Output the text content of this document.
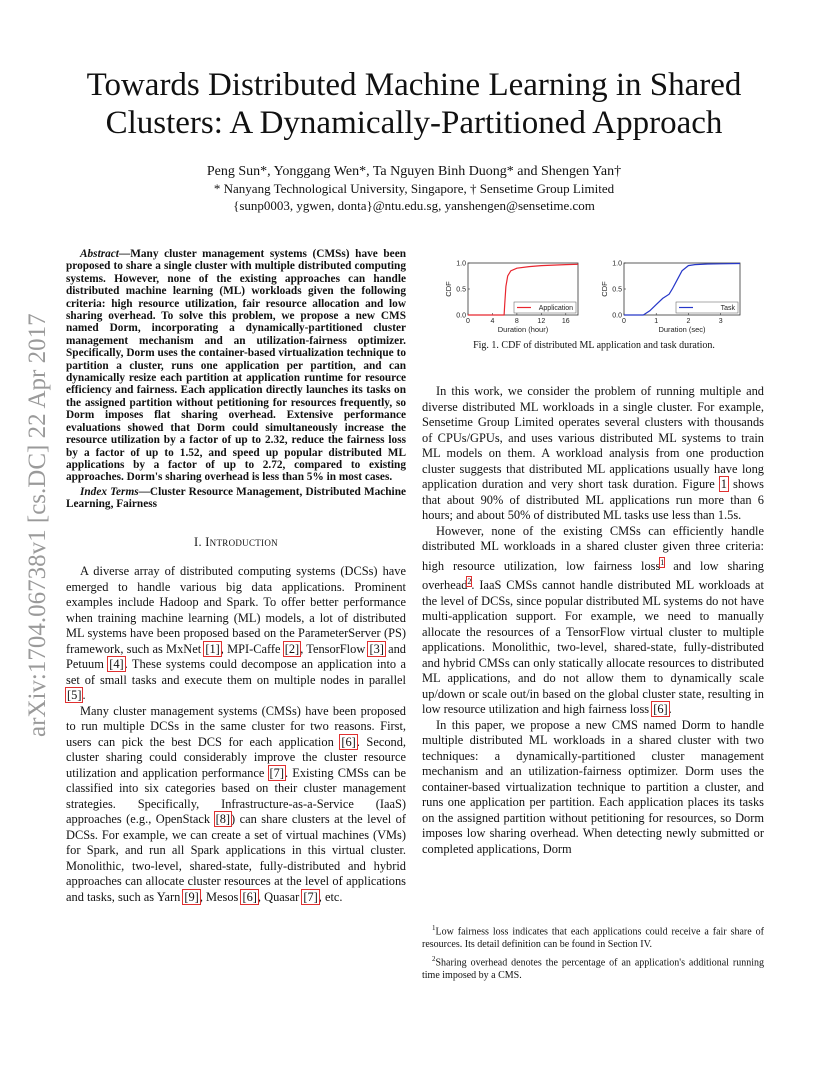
arXiv:1704.06738v1 [cs.DC] 22 Apr 2017
Towards Distributed Machine Learning in Shared Clusters: A Dynamically-Partitioned Approach
Peng Sun*, Yonggang Wen*, Ta Nguyen Binh Duong* and Shengen Yan†
* Nanyang Technological University, Singapore, † Sensetime Group Limited
{sunp0003, ygwen, donta}@ntu.edu.sg, yanshengen@sensetime.com
Abstract—Many cluster management systems (CMSs) have been proposed to share a single cluster with multiple distributed computing systems. However, none of the existing approaches can handle distributed machine learning (ML) workloads given the following criteria: high resource utilization, fair resource allocation and low sharing overhead. To solve this problem, we propose a new CMS named Dorm, incorporating a dynamically-partitioned cluster management mechanism and an utilization-fairness optimizer. Specifically, Dorm uses the container-based virtualization technique to partition a cluster, runs one application per partition, and can dynamically resize each partition at application runtime for resource efficiency and fairness. Each application directly launches its tasks on the assigned partition without petitioning for resources frequently, so Dorm imposes flat sharing overhead. Extensive performance evaluations showed that Dorm could simultaneously increase the resource utilization by a factor of up to 2.32, reduce the fairness loss by a factor of up to 1.52, and speed up popular distributed ML applications by a factor of up to 2.72, compared to existing approaches. Dorm's sharing overhead is less than 5% in most cases.
Index Terms—Cluster Resource Management, Distributed Machine Learning, Fairness
I. Introduction

A diverse array of distributed computing systems (DCSs) have emerged to handle various big data applications. Prominent examples include Hadoop and Spark. To offer better performance when training machine learning (ML) models, a lot of distributed ML systems have been proposed based on the ParameterServer (PS) framework, such as MxNet [1], MPI-Caffe [2], TensorFlow [3] and Petuum [4]. These systems could decompose an application into a set of small tasks and execute them on multiple nodes in parallel [5].

Many cluster management systems (CMSs) have been proposed to run multiple DCSs in the same cluster for two reasons. First, users can pick the best DCS for each application [6]. Second, cluster sharing could considerably improve the cluster resource utilization and application performance [7]. Existing CMSs can be classified into six categories based on their cluster management strategies. Specifically, Infrastructure-as-a-Service (IaaS) approaches (e.g., OpenStack [8]) can share clusters at the level of DCSs. For example, we can create a set of virtual machines (VMs) for Spark, and run all Spark applications in this virtual cluster. Monolithic, two-level, shared-state, fully-distributed and hybrid approaches can allocate cluster resources at the level of applications and tasks, such as Yarn [9], Mesos [6], Quasar [7], etc.

0	4	8	12 16
0.0
0.5
1.0
Duration (hour)
CDF
Application
0	1	2	3
0.0
0.5
1.0
Duration (sec)
CDF
Task
Fig. 1. CDF of distributed ML application and task duration.

In this work, we consider the problem of running multiple and diverse distributed ML workloads in a single cluster. For example, Sensetime Group Limited operates several clusters with thousands of CPUs/GPUs, and uses various distributed ML systems to train ML models on them. A workload analysis from one production cluster suggests that distributed ML applications usually have long application duration and very short task duration. Figure 1 shows that about 90% of distributed ML applications run more than 6 hours; and about 50% of distributed ML tasks use less than 1.5s.

However, none of the existing CMSs can efficiently handle distributed ML workloads in a shared cluster given three criteria: high resource utilization, low fairness loss$^1$ and low sharing overhead$^2$. IaaS CMSs cannot handle distributed ML workloads at the level of DCSs, since popular distributed ML systems do not have multi-application support. For example, we need to manually allocate the resources of a TensorFlow virtual cluster to multiple applications. Monolithic, two-level, shared-state, fully-distributed and hybrid CMSs can only statically allocate resources to distributed ML applications, and do not allow them to dynamically scale up/down or scale out/in based on the global cluster state, resulting in low resource utilization and high fairness loss [6].

In this paper, we propose a new CMS named Dorm to handle multiple distributed ML workloads in a shared cluster with two techniques: a dynamically-partitioned cluster management mechanism and an utilization-fairness optimizer. Dorm uses the container-based virtualization technique to partition a cluster, and runs one application per partition. Each application places its tasks on the assigned partition without petitioning for resources, so Dorm imposes low sharing overhead. When detecting newly submitted or completed applications, Dorm

$^1$Low fairness loss indicates that each applications could receive a fair share of resources. Its detail definition can be found in Section IV.

$^2$Sharing overhead denotes the percentage of an application's additional running time imposed by a CMS.
